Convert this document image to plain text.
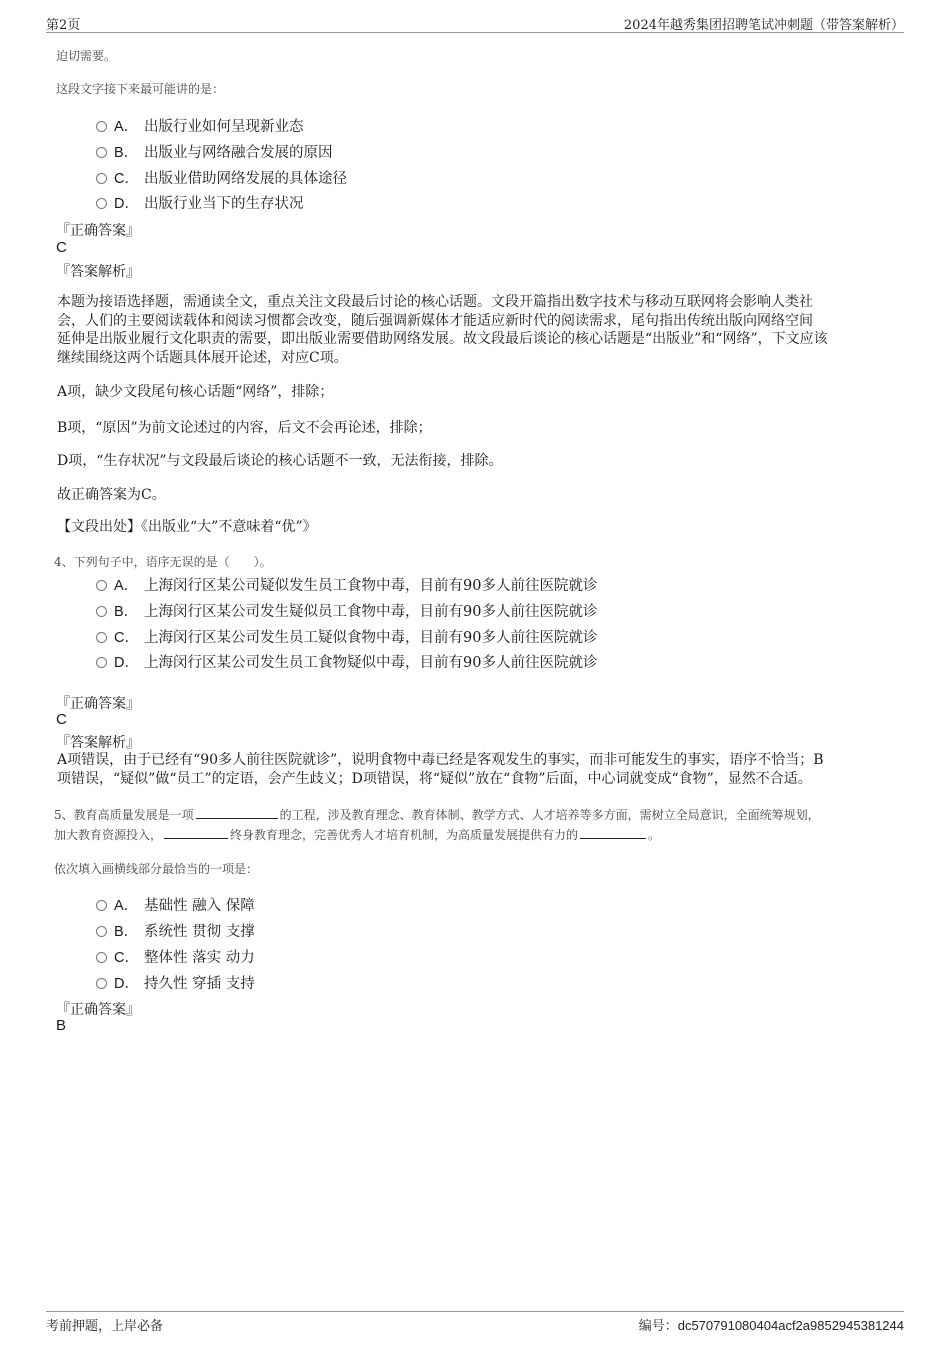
第2页	2024年越秀集团招聘笔试冲刺题（带答案解析）
迫切需要。
这段文字接下来最可能讲的是：
A． 出版行业如何呈现新业态
B． 出版业与网络融合发展的原因
C． 出版业借助网络发展的具体途径
D． 出版行业当下的生存状况
『正确答案』
C
『答案解析』
本题为接语选择题，需通读全文，重点关注文段最后讨论的核心话题。文段开篇指出数字技术与移动互联网将会影响人类社
会，人们的主要阅读载体和阅读习惯都会改变，随后强调新媒体才能适应新时代的阅读需求，尾句指出传统出版向网络空间
延伸是出版业履行文化职责的需要，即出版业需要借助网络发展。故文段最后谈论的核心话题是“出版业”和“网络”，下文应该
继续围绕这两个话题具体展开论述，对应C项。
A项，缺少文段尾句核心话题“网络”，排除；
B项，“原因”为前文论述过的内容，后文不会再论述，排除；
D项，“生存状况”与文段最后谈论的核心话题不一致，无法衔接，排除。
故正确答案为C。
【文段出处】《出版业“大”不意味着“优”》
4、下列句子中，语序无误的是（　　）。
A． 上海闵行区某公司疑似发生员工食物中毒，目前有90多人前往医院就诊
B． 上海闵行区某公司发生疑似员工食物中毒，目前有90多人前往医院就诊
C． 上海闵行区某公司发生员工疑似食物中毒，目前有90多人前往医院就诊
D． 上海闵行区某公司发生员工食物疑似中毒，目前有90多人前往医院就诊
『正确答案』
C
『答案解析』
A项错误，由于已经有“90多人前往医院就诊”，说明食物中毒已经是客观发生的事实，而非可能发生的事实，语序不恰当；B
项错误，“疑似”做“员工”的定语，会产生歧义；D项错误，将“疑似”放在“食物”后面，中心词就变成“食物”，显然不合适。
5、教育高质量发展是一项	的工程，涉及教育理念、教育体制、教学方式、人才培养等多方面，需树立全局意识，全面统筹规划，
加大教育资源投入，	终身教育理念，完善优秀人才培育机制，为高质量发展提供有力的	。
依次填入画横线部分最恰当的一项是：
A． 基础性 融入 保障
B． 系统性 贯彻 支撑
C． 整体性 落实 动力
D． 持久性 穿插 支持
『正确答案』
B
考前押题，上岸必备	编号：dc570791080404acf2a9852945381244
